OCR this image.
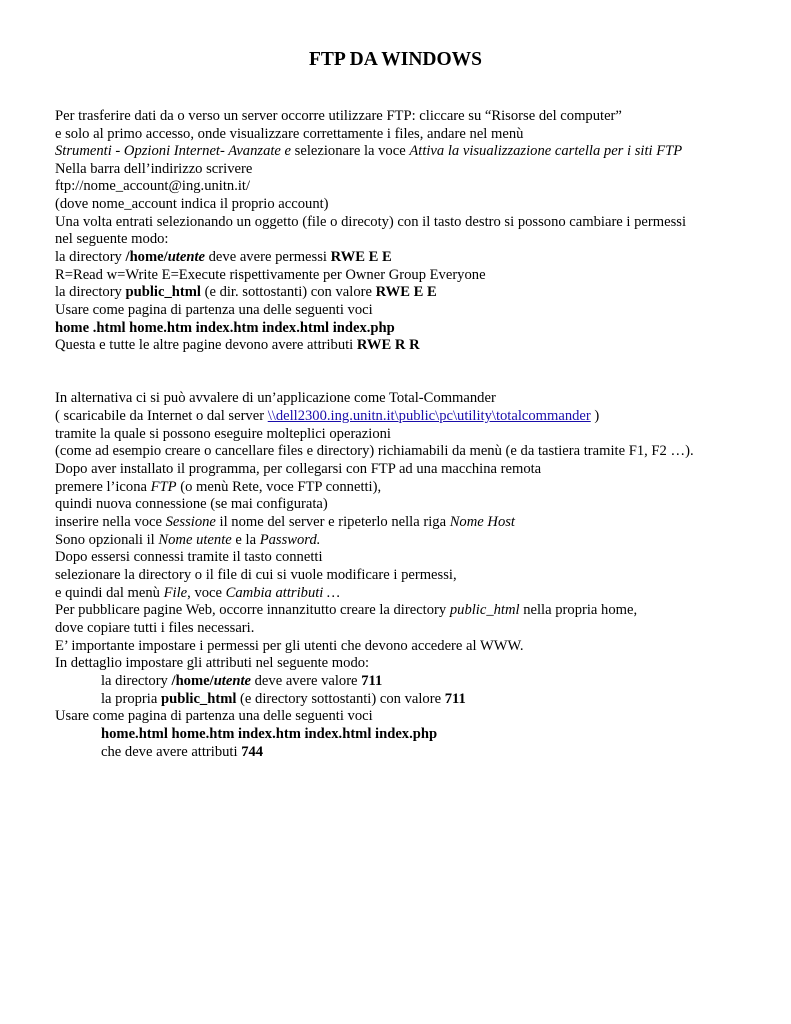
FTP DA WINDOWS

Per trasferire dati da o verso un server occorre utilizzare FTP: cliccare su “Risorse del computer”

e solo al primo accesso, onde visualizzare correttamente i files, andare nel menù

Strumenti - Opzioni Internet- Avanzate e selezionare la voce Attiva la visualizzazione cartella per i siti FTP

Nella barra dell’indirizzo scrivere

ftp://nome_account@ing.unitn.it/

(dove nome_account indica il proprio account)

Una volta entrati selezionando un oggetto (file o direcoty) con il tasto destro si possono cambiare i permessi

nel seguente modo:

la directory /home/utente deve avere permessi RWE E E

R=Read w=Write E=Execute rispettivamente per Owner Group Everyone

la directory public_html (e dir. sottostanti) con valore RWE E E

Usare come pagina di partenza una delle seguenti voci

home .html home.htm index.htm index.html index.php

Questa e tutte le altre pagine devono avere attributi RWE R R

In alternativa ci si può avvalere di un’applicazione come Total-Commander

( scaricabile da Internet o dal server \\dell2300.ing.unitn.it\public\pc\utility\totalcommander )

tramite la quale si possono eseguire molteplici operazioni

(come ad esempio creare o cancellare files e directory) richiamabili da menù (e da tastiera tramite F1, F2 …).

Dopo aver installato il programma, per collegarsi con FTP ad una macchina remota

premere l’icona FTP (o menù Rete, voce FTP connetti),

quindi nuova connessione (se mai configurata)

inserire nella voce Sessione il nome del server e ripeterlo nella riga Nome Host

Sono opzionali il Nome utente e la Password.

Dopo essersi connessi tramite il tasto connetti

selezionare la directory o il file di cui si vuole modificare i permessi,

e quindi dal menù File, voce Cambia attributi …

Per pubblicare pagine Web, occorre innanzitutto creare la directory public_html nella propria home,

dove copiare tutti i files necessari.

E’ importante impostare i permessi per gli utenti che devono accedere al WWW.

In dettaglio impostare gli attributi nel seguente modo:

la directory /home/utente deve avere valore 711

la propria public_html (e directory sottostanti) con valore 711

Usare come pagina di partenza una delle seguenti voci

home.html home.htm index.htm index.html index.php

che deve avere attributi 744
